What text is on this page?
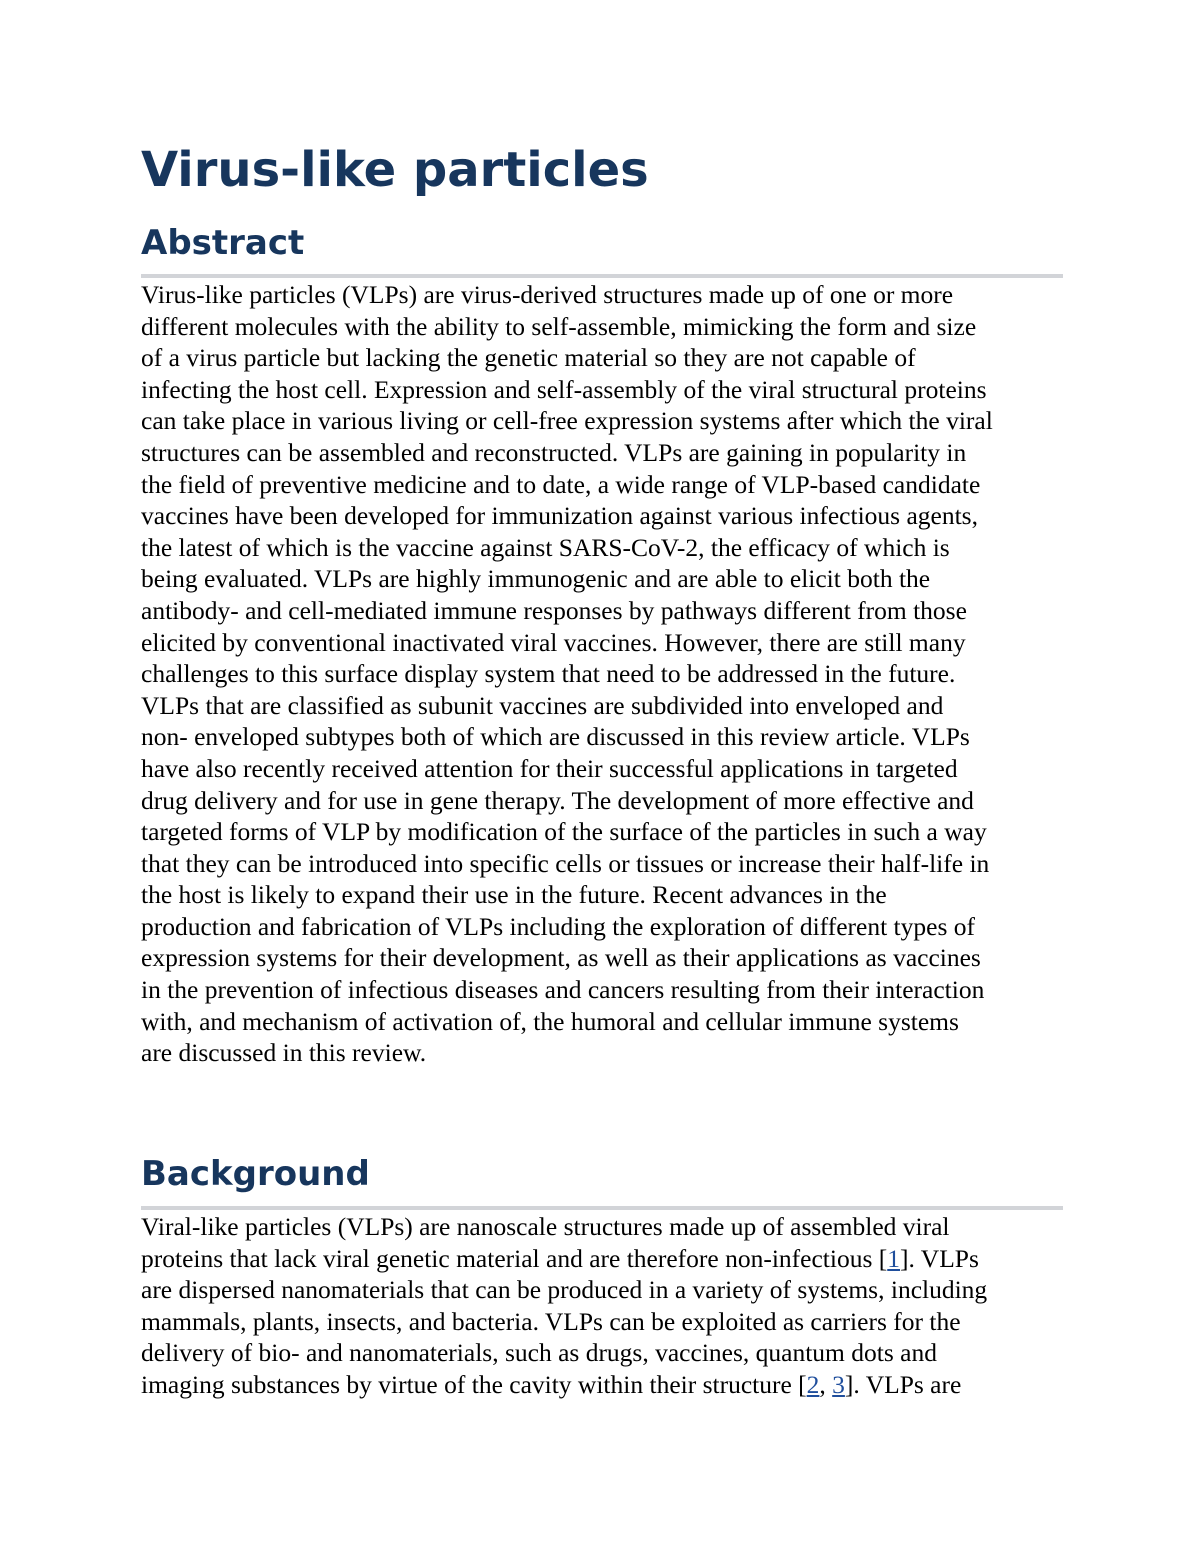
Virus-like particles
Abstract
Virus-like particles (VLPs) are virus-derived structures made up of one or more
different molecules with the ability to self-assemble, mimicking the form and size
of a virus particle but lacking the genetic material so they are not capable of
infecting the host cell. Expression and self-assembly of the viral structural proteins
can take place in various living or cell-free expression systems after which the viral
structures can be assembled and reconstructed. VLPs are gaining in popularity in
the field of preventive medicine and to date, a wide range of VLP-based candidate
vaccines have been developed for immunization against various infectious agents,
the latest of which is the vaccine against SARS-CoV-2, the efficacy of which is
being evaluated. VLPs are highly immunogenic and are able to elicit both the
antibody- and cell-mediated immune responses by pathways different from those
elicited by conventional inactivated viral vaccines. However, there are still many
challenges to this surface display system that need to be addressed in the future.
VLPs that are classified as subunit vaccines are subdivided into enveloped and
non- enveloped subtypes both of which are discussed in this review article. VLPs
have also recently received attention for their successful applications in targeted
drug delivery and for use in gene therapy. The development of more effective and
targeted forms of VLP by modification of the surface of the particles in such a way
that they can be introduced into specific cells or tissues or increase their half-life in
the host is likely to expand their use in the future. Recent advances in the
production and fabrication of VLPs including the exploration of different types of
expression systems for their development, as well as their applications as vaccines
in the prevention of infectious diseases and cancers resulting from their interaction
with, and mechanism of activation of, the humoral and cellular immune systems
are discussed in this review.
Background
Viral-like particles (VLPs) are nanoscale structures made up of assembled viral
proteins that lack viral genetic material and are therefore non-infectious [1]. VLPs
are dispersed nanomaterials that can be produced in a variety of systems, including
mammals, plants, insects, and bacteria. VLPs can be exploited as carriers for the
delivery of bio- and nanomaterials, such as drugs, vaccines, quantum dots and
imaging substances by virtue of the cavity within their structure [2, 3]. VLPs are
